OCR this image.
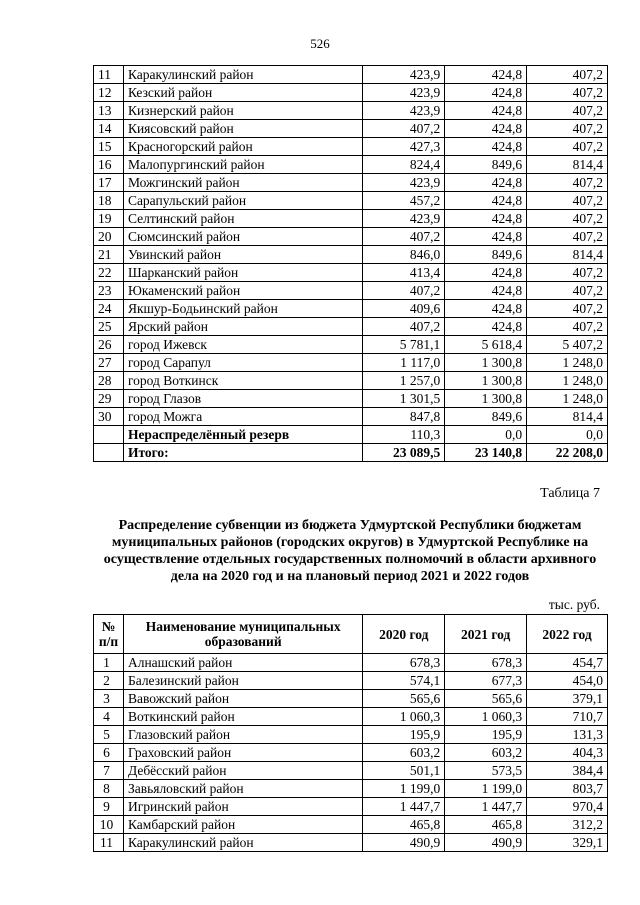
526
11	Каракулинский район	423,9	424,8	407,2
12	Кезский район	423,9	424,8	407,2
13	Кизнерский район	423,9	424,8	407,2
14	Киясовский район	407,2	424,8	407,2
15	Красногорский район	427,3	424,8	407,2
16	Малопургинский район	824,4	849,6	814,4
17	Можгинский район	423,9	424,8	407,2
18	Сарапульский район	457,2	424,8	407,2
19	Селтинский район	423,9	424,8	407,2
20	Сюмсинский район	407,2	424,8	407,2
21	Увинский район	846,0	849,6	814,4
22	Шарканский район	413,4	424,8	407,2
23	Юкаменский район	407,2	424,8	407,2
24	Якшур-Бодьинский район	409,6	424,8	407,2
25	Ярский район	407,2	424,8	407,2
26	город Ижевск	5 781,1	5 618,4	5 407,2
27	город Сарапул	1 117,0	1 300,8	1 248,0
28	город Воткинск	1 257,0	1 300,8	1 248,0
29	город Глазов	1 301,5	1 300,8	1 248,0
30	город Можга	847,8	849,6	814,4
	Нераспределённый резерв	110,3	0,0	0,0
	Итого:	23 089,5	23 140,8	22 208,0
Таблица 7
Распределение субвенции из бюджета Удмуртской Республики бюджетам муниципальных районов (городских округов) в Удмуртской Республике на осуществление отдельных государственных полномочий в области архивного дела на 2020 год и на плановый период 2021 и 2022 годов
тыс. руб.
№ п/п	Наименование муниципальных образований	2020 год	2021 год	2022 год
1	Алнашский район	678,3	678,3	454,7
2	Балезинский район	574,1	677,3	454,0
3	Вавожский район	565,6	565,6	379,1
4	Воткинский район	1 060,3	1 060,3	710,7
5	Глазовский район	195,9	195,9	131,3
6	Граховский район	603,2	603,2	404,3
7	Дебёсский район	501,1	573,5	384,4
8	Завьяловский район	1 199,0	1 199,0	803,7
9	Игринский район	1 447,7	1 447,7	970,4
10	Камбарский район	465,8	465,8	312,2
11	Каракулинский район	490,9	490,9	329,1
